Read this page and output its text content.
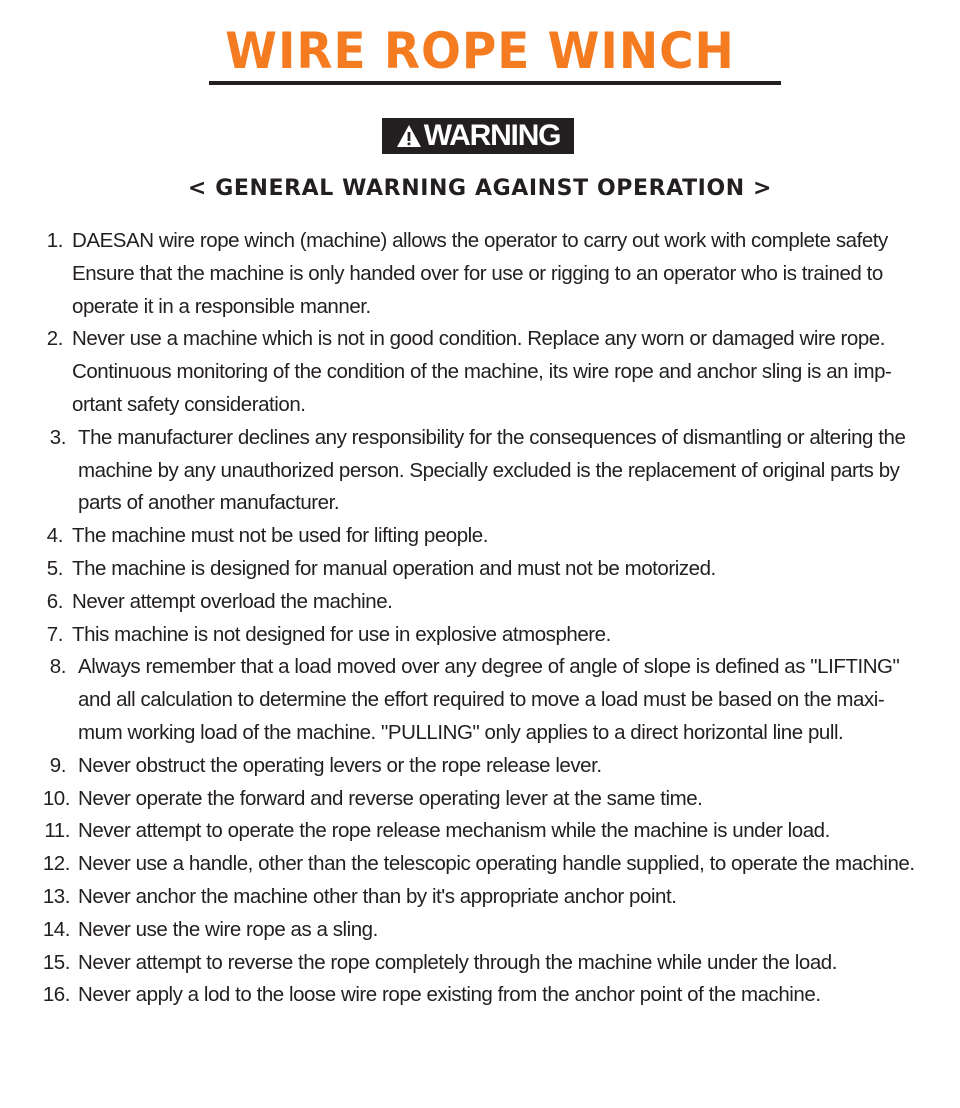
WIRE ROPE WINCH
WARNING
< GENERAL WARNING AGAINST OPERATION >
1. DAESAN wire rope winch (machine) allows the operator to carry out work with complete safety
Ensure that the machine is only handed over for use or rigging to an operator who is trained to
operate it in a responsible manner.
2. Never use a machine which is not in good condition. Replace any worn or damaged wire rope.
Continuous monitoring of the condition of the machine, its wire rope and anchor sling is an imp-
ortant safety consideration.
3. The manufacturer declines any responsibility for the consequences of dismantling or altering the
machine by any unauthorized person. Specially excluded is the replacement of original parts by
parts of another manufacturer.
4. The machine must not be used for lifting people.
5. The machine is designed for manual operation and must not be motorized.
6. Never attempt overload the machine.
7. This machine is not designed for use in explosive atmosphere.
8. Always remember that a load moved over any degree of angle of slope is defined as "LIFTING"
and all calculation to determine the effort required to move a load must be based on the maxi-
mum working load of the machine. "PULLING" only applies to a direct horizontal line pull.
9. Never obstruct the operating levers or the rope release lever.
10. Never operate the forward and reverse operating lever at the same time.
11. Never attempt to operate the rope release mechanism while the machine is under load.
12. Never use a handle, other than the telescopic operating handle supplied, to operate the machine.
13. Never anchor the machine other than by it's appropriate anchor point.
14. Never use the wire rope as a sling.
15. Never attempt to reverse the rope completely through the machine while under the load.
16. Never apply a lod to the loose wire rope existing from the anchor point of the machine.
